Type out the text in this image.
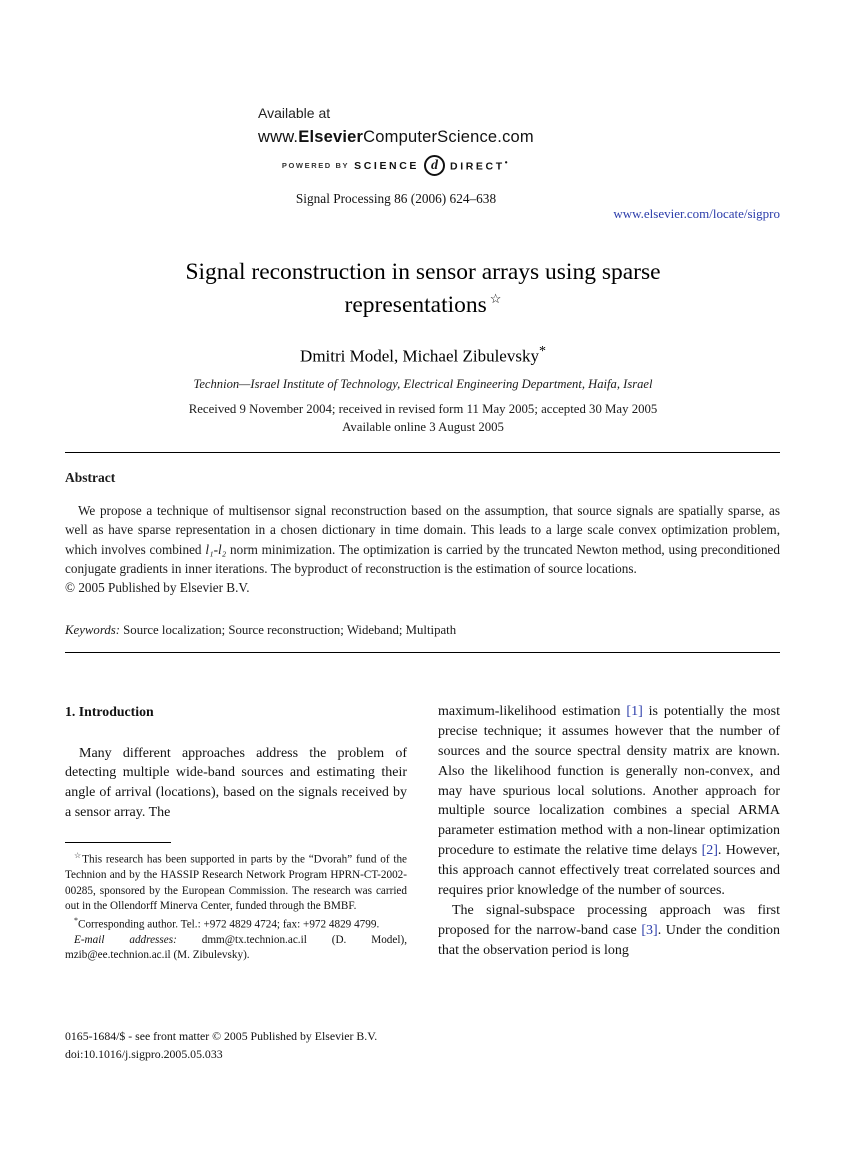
Available at
www.ElsevierComputerScience.com
POWERED BY SCIENCE d DIRECT•
Signal Processing 86 (2006) 624–638
www.elsevier.com/locate/sigpro
Signal reconstruction in sensor arrays using sparse
representations ☆
Dmitri Model, Michael Zibulevsky*
Technion—Israel Institute of Technology, Electrical Engineering Department, Haifa, Israel
Received 9 November 2004; received in revised form 11 May 2005; accepted 30 May 2005
Available online 3 August 2005
Abstract

We propose a technique of multisensor signal reconstruction based on the assumption, that source signals are spatially sparse, as well as have sparse representation in a chosen dictionary in time domain. This leads to a large scale convex optimization problem, which involves combined l₁-l₂ norm minimization. The optimization is carried by the truncated Newton method, using preconditioned conjugate gradients in inner iterations. The byproduct of reconstruction is the estimation of source locations.

© 2005 Published by Elsevier B.V.

Keywords: Source localization; Source reconstruction; Wideband; Multipath

1. Introduction

Many different approaches address the problem of detecting multiple wide-band sources and estimating their angle of arrival (locations), based on the signals received by a sensor array. The

☆This research has been supported in parts by the “Dvorah” fund of the Technion and by the HASSIP Research Network Program HPRN-CT-2002-00285, sponsored by the European Commission. The research was carried out in the Ollendorff Minerva Center, funded through the BMBF.

*Corresponding author. Tel.: +972 4829 4724; fax: +972 4829 4799.

E-mail addresses: dmm@tx.technion.ac.il (D. Model), mzib@ee.technion.ac.il (M. Zibulevsky).

maximum-likelihood estimation [1] is potentially the most precise technique; it assumes however that the number of sources and the source spectral density matrix are known. Also the likelihood function is generally non-convex, and may have spurious local solutions. Another approach for multiple source localization combines a special ARMA parameter estimation method with a non-linear optimization procedure to estimate the relative time delays [2]. However, this approach cannot effectively treat correlated sources and requires prior knowledge of the number of sources.

The signal-subspace processing approach was first proposed for the narrow-band case [3]. Under the condition that the observation period is long

0165-1684/$ - see front matter © 2005 Published by Elsevier B.V.
doi:10.1016/j.sigpro.2005.05.033
